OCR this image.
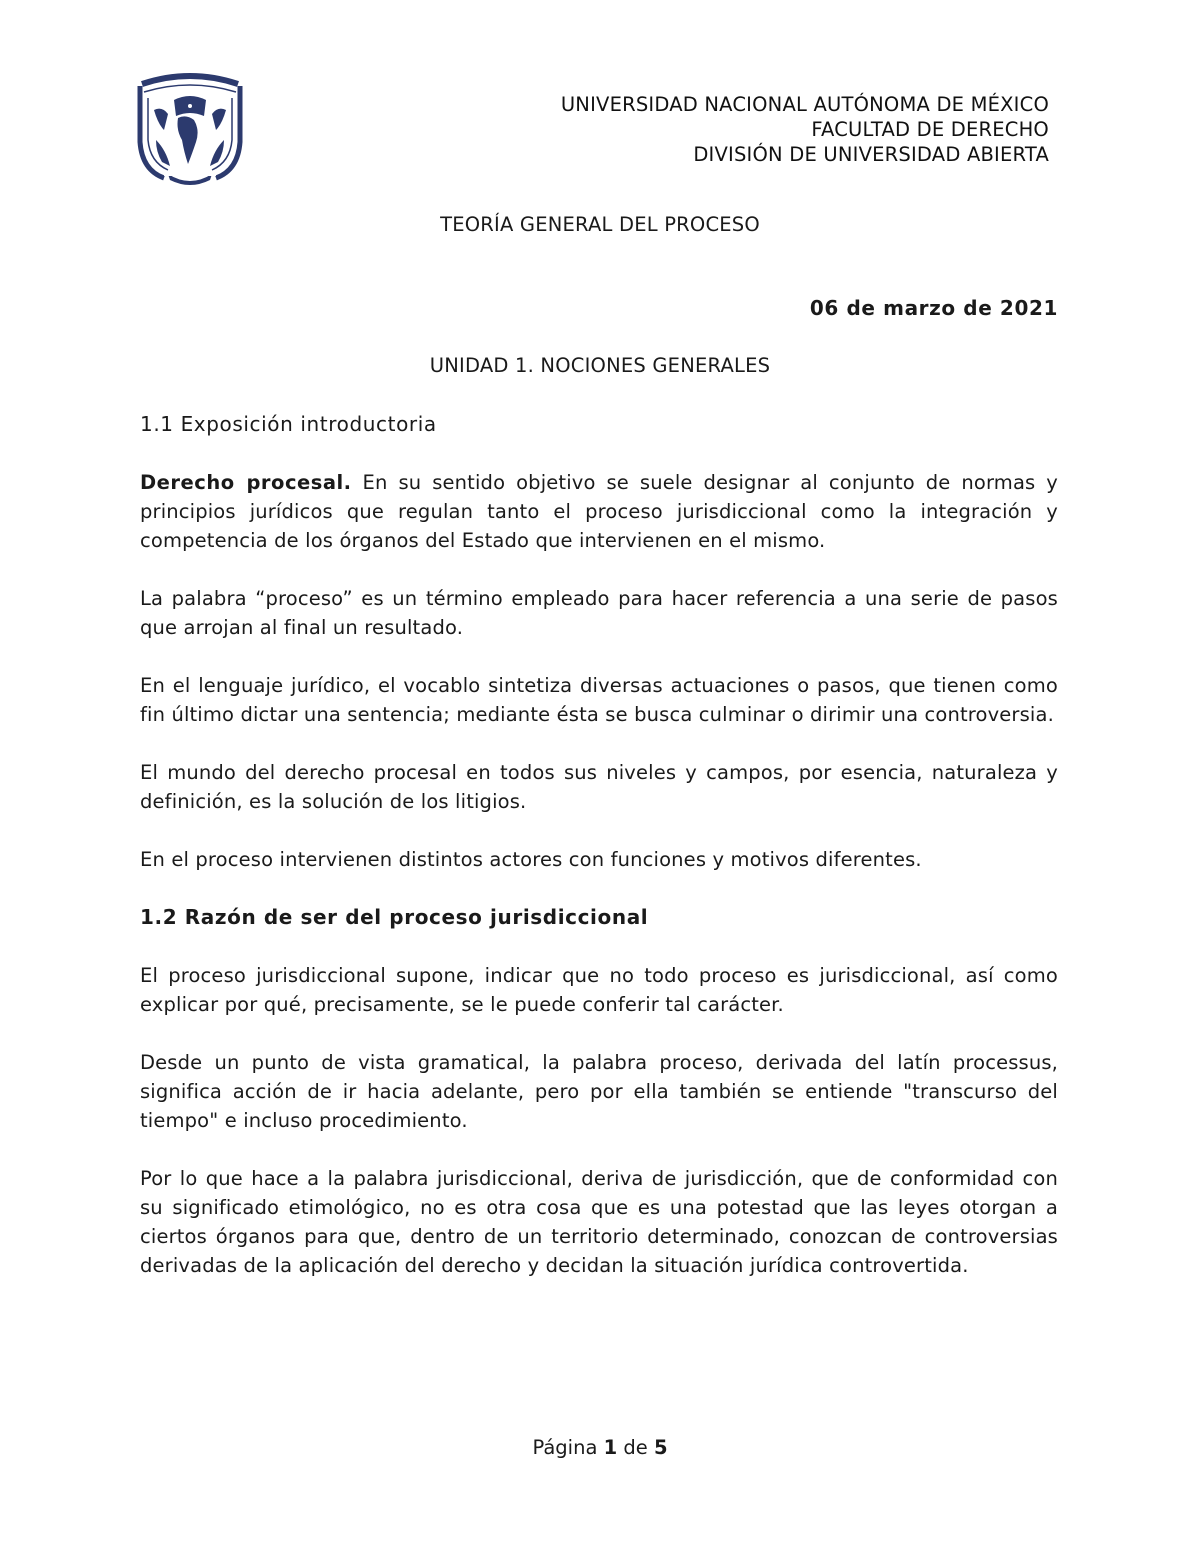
UNIVERSIDAD NACIONAL AUTÓNOMA DE MÉXICO
FACULTAD DE DERECHO
DIVISIÓN DE UNIVERSIDAD ABIERTA
TEORÍA GENERAL DEL PROCESO
06 de marzo de 2021
UNIDAD 1. NOCIONES GENERALES
1.1 Exposición introductoria

Derecho procesal. En su sentido objetivo se suele designar al conjunto de normas y principios jurídicos que regulan tanto el proceso jurisdiccional como la integración y competencia de los órganos del Estado que intervienen en el mismo.

La palabra “proceso” es un término empleado para hacer referencia a una serie de pasos que arrojan al final un resultado.

En el lenguaje jurídico, el vocablo sintetiza diversas actuaciones o pasos, que tienen como fin último dictar una sentencia; mediante ésta se busca culminar o dirimir una controversia.

El mundo del derecho procesal en todos sus niveles y campos, por esencia, naturaleza y definición, es la solución de los litigios.

En el proceso intervienen distintos actores con funciones y motivos diferentes.

1.2 Razón de ser del proceso jurisdiccional

El proceso jurisdiccional supone, indicar que no todo proceso es jurisdiccional, así como explicar por qué, precisamente, se le puede conferir tal carácter.

Desde un punto de vista gramatical, la palabra proceso, derivada del latín processus, significa acción de ir hacia adelante, pero por ella también se entiende "transcurso del tiempo" e incluso procedimiento.

Por lo que hace a la palabra jurisdiccional, deriva de jurisdicción, que de conformidad con su significado etimológico, no es otra cosa que es una potestad que las leyes otorgan a ciertos órganos para que, dentro de un territorio determinado, conozcan de controversias derivadas de la aplicación del derecho y decidan la situación jurídica controvertida.

Página 1 de 5
